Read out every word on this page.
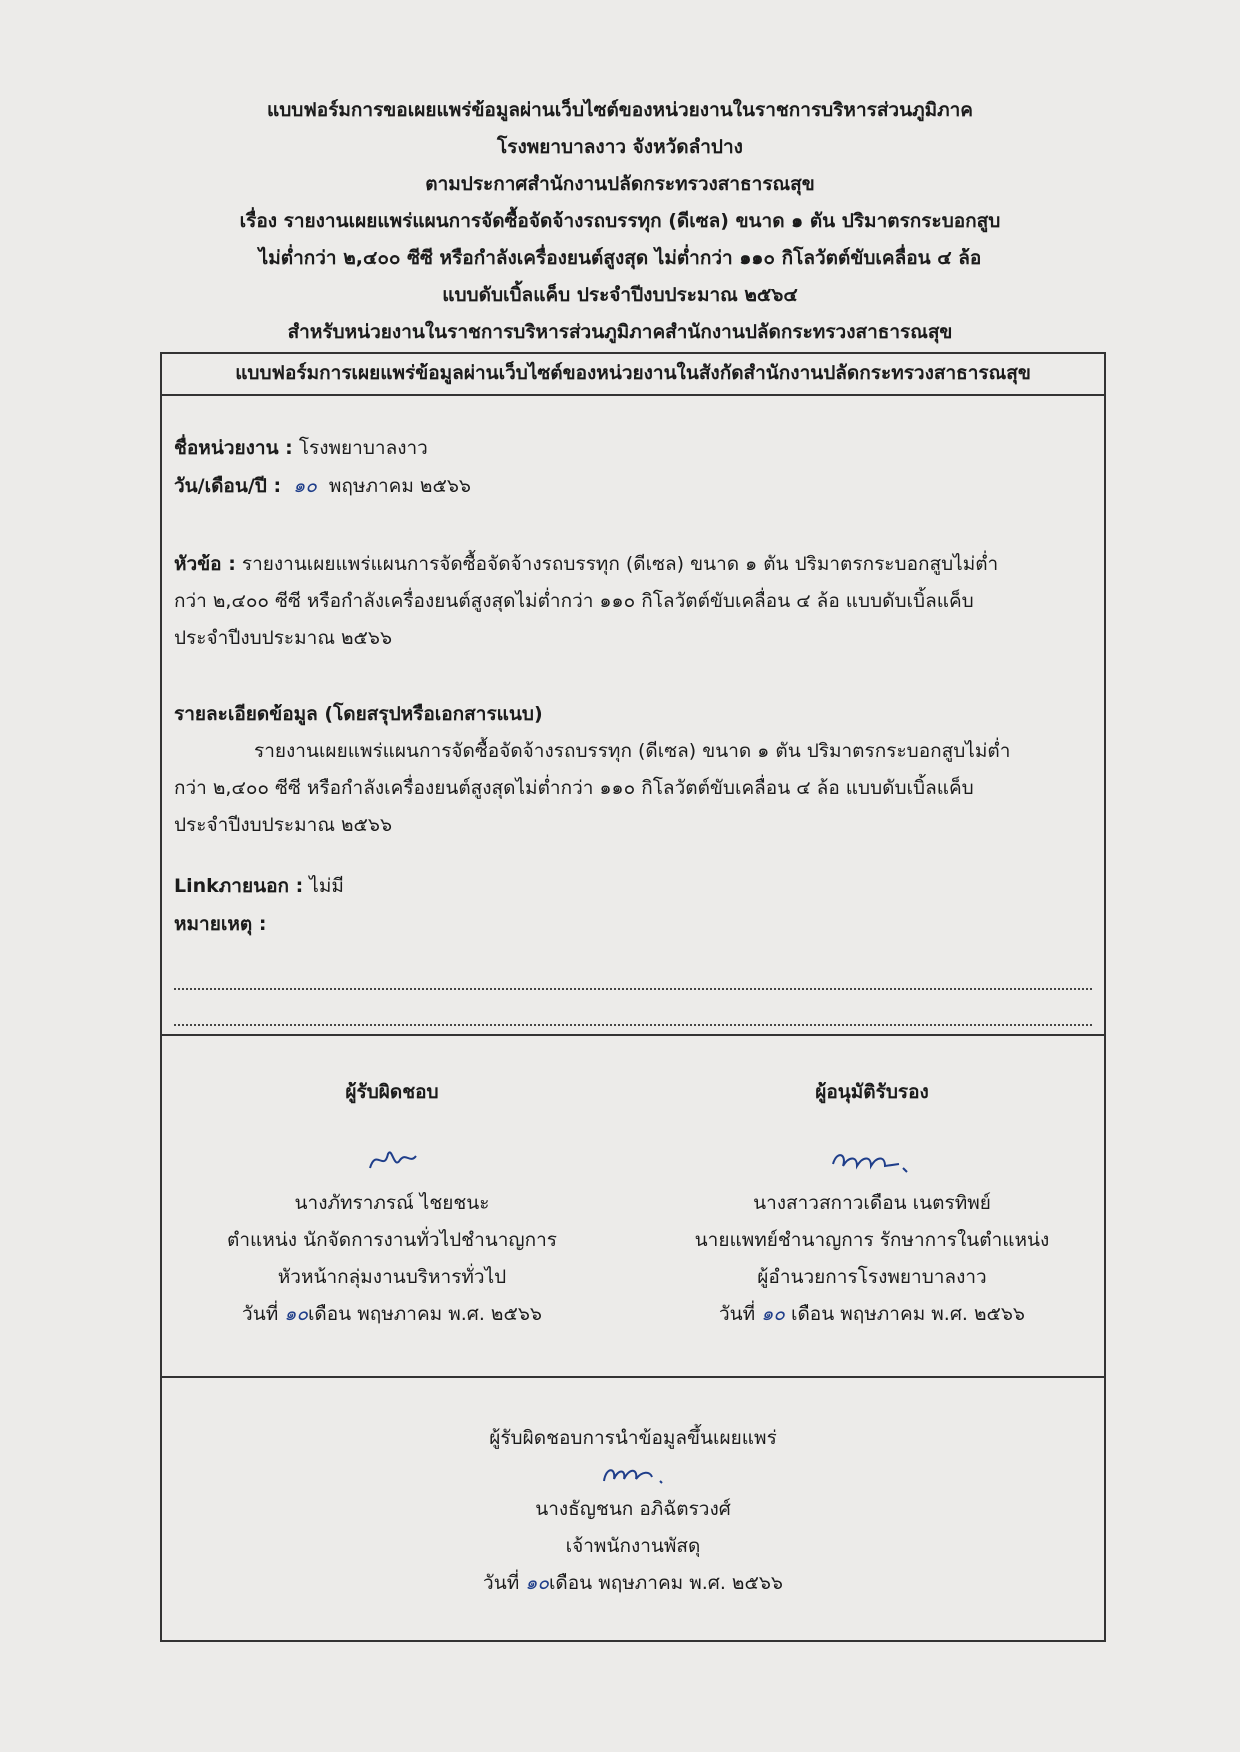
แบบฟอร์มการขอเผยแพร่ข้อมูลผ่านเว็บไซต์ของหน่วยงานในราชการบริหารส่วนภูมิภาค
โรงพยาบาลงาว จังหวัดลำปาง
ตามประกาศสำนักงานปลัดกระทรวงสาธารณสุข
เรื่อง รายงานเผยแพร่แผนการจัดซื้อจัดจ้างรถบรรทุก (ดีเซล) ขนาด ๑ ตัน ปริมาตรกระบอกสูบ
ไม่ต่ำกว่า ๒,๔๐๐ ซีซี หรือกำลังเครื่องยนต์สูงสุด ไม่ต่ำกว่า ๑๑๐ กิโลวัตต์ขับเคลื่อน ๔ ล้อ
แบบดับเบิ้ลแค็บ ประจำปีงบประมาณ ๒๕๖๔
สำหรับหน่วยงานในราชการบริหารส่วนภูมิภาคสำนักงานปลัดกระทรวงสาธารณสุข
แบบฟอร์มการเผยแพร่ข้อมูลผ่านเว็บไซต์ของหน่วยงานในสังกัดสำนักงานปลัดกระทรวงสาธารณสุข
ชื่อหน่วยงาน : โรงพยาบาลงาว
วัน/เดือน/ปี : ๑๐ พฤษภาคม ๒๕๖๖
หัวข้อ : รายงานเผยแพร่แผนการจัดซื้อจัดจ้างรถบรรทุก (ดีเซล) ขนาด ๑ ตัน ปริมาตรกระบอกสูบไม่ต่ำ
กว่า ๒,๔๐๐ ซีซี หรือกำลังเครื่องยนต์สูงสุดไม่ต่ำกว่า ๑๑๐ กิโลวัตต์ขับเคลื่อน ๔ ล้อ แบบดับเบิ้ลแค็บ
ประจำปีงบประมาณ ๒๕๖๖
รายละเอียดข้อมูล (โดยสรุปหรือเอกสารแนบ)
รายงานเผยแพร่แผนการจัดซื้อจัดจ้างรถบรรทุก (ดีเซล) ขนาด ๑ ตัน ปริมาตรกระบอกสูบไม่ต่ำ
กว่า ๒,๔๐๐ ซีซี หรือกำลังเครื่องยนต์สูงสุดไม่ต่ำกว่า ๑๑๐ กิโลวัตต์ขับเคลื่อน ๔ ล้อ แบบดับเบิ้ลแค็บ
ประจำปีงบประมาณ ๒๕๖๖
Linkภายนอก : ไม่มี
หมายเหตุ :
ผู้รับผิดชอบ
นางภัทราภรณ์ ไชยชนะ
ตำแหน่ง นักจัดการงานทั่วไปชำนาญการ
หัวหน้ากลุ่มงานบริหารทั่วไป
วันที่ ๑๐เดือน พฤษภาคม พ.ศ. ๒๕๖๖
ผู้อนุมัติรับรอง
นางสาวสกาวเดือน เนตรทิพย์
นายแพทย์ชำนาญการ รักษาการในตำแหน่ง
ผู้อำนวยการโรงพยาบาลงาว
วันที่ ๑๐ เดือน พฤษภาคม พ.ศ. ๒๕๖๖
ผู้รับผิดชอบการนำข้อมูลขึ้นเผยแพร่
นางธัญชนก อภิฉัตรวงศ์
เจ้าพนักงานพัสดุ
วันที่ ๑๐เดือน พฤษภาคม พ.ศ. ๒๕๖๖
